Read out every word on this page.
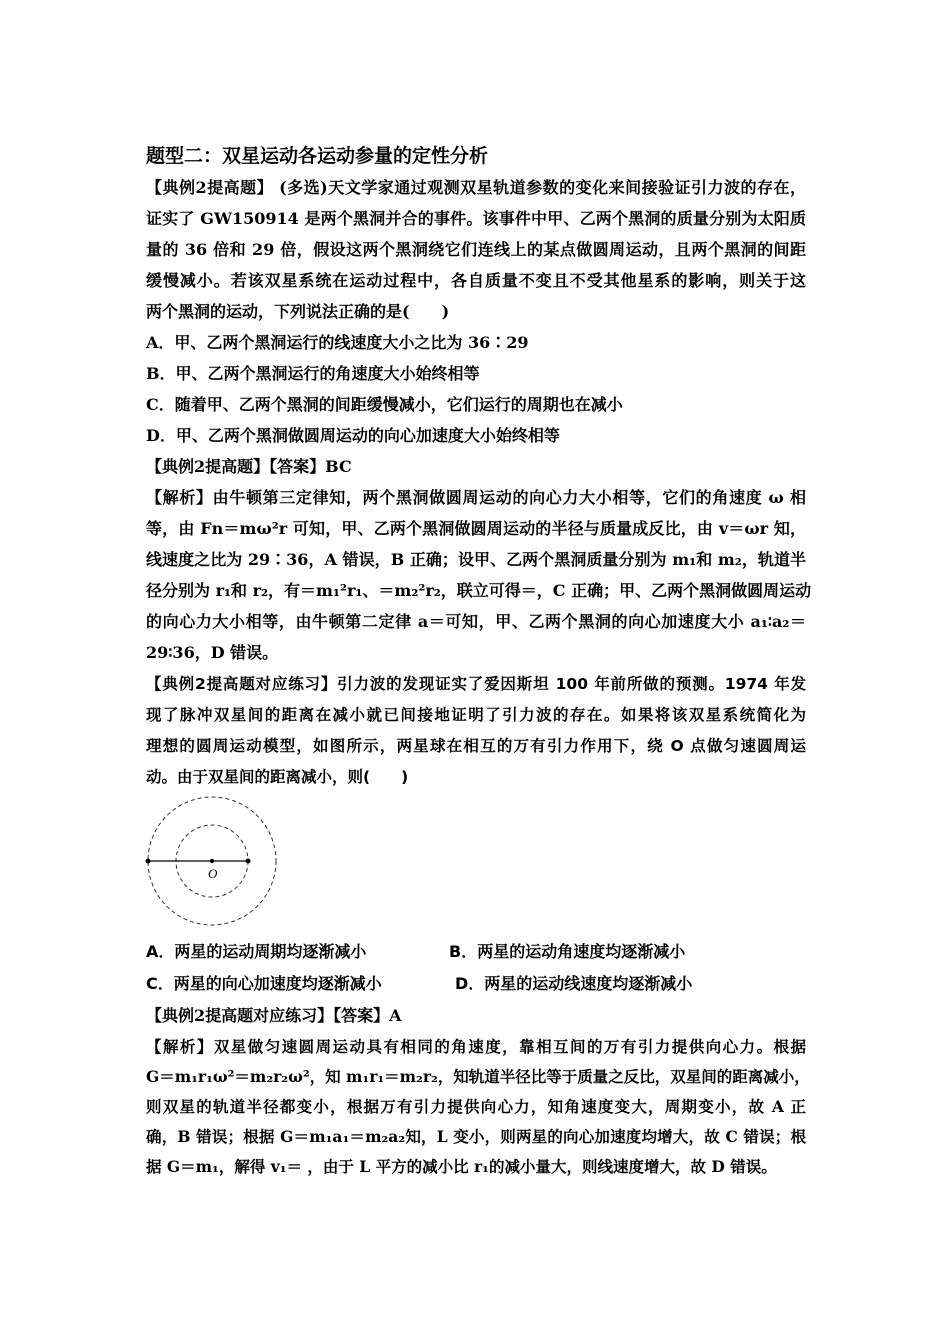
题型二：双星运动各运动参量的定性分析
【典例2提高题】 (多选)天文学家通过观测双星轨道参数的变化来间接验证引力波的存在，
证实了 GW150914 是两个黑洞并合的事件。该事件中甲、乙两个黑洞的质量分别为太阳质
量的 36 倍和 29 倍，假设这两个黑洞绕它们连线上的某点做圆周运动，且两个黑洞的间距
缓慢减小。若该双星系统在运动过程中，各自质量不变且不受其他星系的影响，则关于这
两个黑洞的运动，下列说法正确的是(　　)
A．甲、乙两个黑洞运行的线速度大小之比为 36∶29
B．甲、乙两个黑洞运行的角速度大小始终相等
C．随着甲、乙两个黑洞的间距缓慢减小，它们运行的周期也在减小
D．甲、乙两个黑洞做圆周运动的向心加速度大小始终相等
【典例2提高题】【答案】BC
【解析】由牛顿第三定律知，两个黑洞做圆周运动的向心力大小相等，它们的角速度 ω 相
等，由 Fn＝mω²r 可知，甲、乙两个黑洞做圆周运动的半径与质量成反比，由 v＝ωr 知，
线速度之比为 29∶36，A 错误，B 正确；设甲、乙两个黑洞质量分别为 m₁和 m₂，轨道半
径分别为 r₁和 r₂，有＝m₁²r₁、＝m₂²r₂，联立可得＝，C 正确；甲、乙两个黑洞做圆周运动
的向心力大小相等，由牛顿第二定律 a＝可知，甲、乙两个黑洞的向心加速度大小 a₁∶a₂＝
29∶36，D 错误。
【典例2提高题对应练习】引力波的发现证实了爱因斯坦 100 年前所做的预测。1974 年发
现了脉冲双星间的距离在减小就已间接地证明了引力波的存在。如果将该双星系统简化为
理想的圆周运动模型，如图所示，两星球在相互的万有引力作用下，绕 O 点做匀速圆周运
动。由于双星间的距离减小，则(　　)
O
A．两星的运动周期均逐渐减小	B．两星的运动角速度均逐渐减小
C．两星的向心加速度均逐渐减小	D．两星的运动线速度均逐渐减小
【典例2提高题对应练习】【答案】A
【解析】双星做匀速圆周运动具有相同的角速度，靠相互间的万有引力提供向心力。根据
G＝m₁r₁ω²＝m₂r₂ω²，知 m₁r₁＝m₂r₂，知轨道半径比等于质量之反比，双星间的距离减小，
则双星的轨道半径都变小，根据万有引力提供向心力，知角速度变大，周期变小，故 A 正
确，B 错误；根据 G＝m₁a₁＝m₂a₂知，L 变小，则两星的向心加速度均增大，故 C 错误；根
据 G＝m₁，解得 v₁＝ ，由于 L 平方的减小比 r₁的减小量大，则线速度增大，故 D 错误。
